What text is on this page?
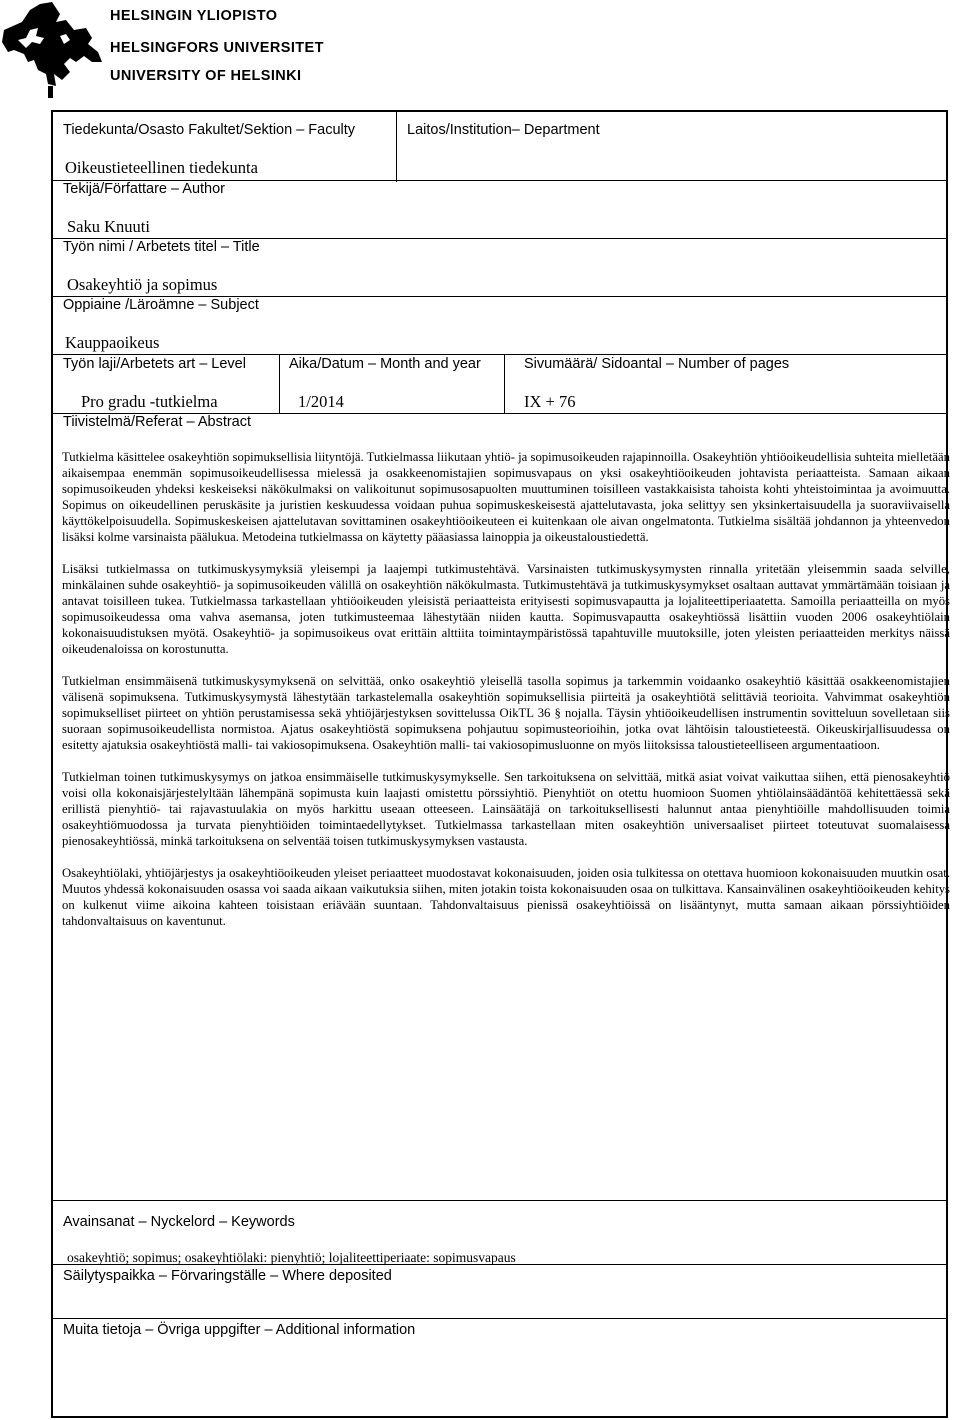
HELSINGIN YLIOPISTO
HELSINGFORS UNIVERSITET
UNIVERSITY OF HELSINKI
Tiedekunta/Osasto Fakultet/Sektion – Faculty	Laitos/Institution– Department
Oikeustieteellinen tiedekunta
Tekijä/Författare – Author
Saku Knuuti
Työn nimi / Arbetets titel – Title
Osakeyhtiö ja sopimus
Oppiaine /Läroämne – Subject
Kauppaoikeus
Työn laji/Arbetets art – Level	Aika/Datum – Month and year	Sivumäärä/ Sidoantal – Number of pages
Pro gradu -tutkielma	1/2014	IX + 76
Tiivistelmä/Referat – Abstract

Tutkielma käsittelee osakeyhtiön sopimuksellisia liityntöjä. Tutkielmassa liikutaan yhtiö- ja sopimusoikeuden rajapinnoilla. Osakeyhtiön yhtiöoikeudellisia suhteita mielletään aikaisempaa enemmän sopimusoikeudellisessa mielessä ja osakkeenomistajien sopimusvapaus on yksi osakeyhtiöoikeuden johtavista periaatteista. Samaan aikaan sopimusoikeuden yhdeksi keskeiseksi näkökulmaksi on valikoitunut sopimusosapuolten muuttuminen toisilleen vastakkaisista tahoista kohti yhteistoimintaa ja avoimuutta. Sopimus on oikeudellinen peruskäsite ja juristien keskuudessa voidaan puhua sopimuskeskeisestä ajattelutavasta, joka selittyy sen yksinkertaisuudella ja suoraviivaisella käyttökelpoisuudella. Sopimuskeskeisen ajattelutavan sovittaminen osakeyhtiöoikeuteen ei kuitenkaan ole aivan ongelmatonta. Tutkielma sisältää johdannon ja yhteenvedon lisäksi kolme varsinaista päälukua. Metodeina tutkielmassa on käytetty pääasiassa lainoppia ja oikeustaloustiedettä.

Lisäksi tutkielmassa on tutkimuskysymyksiä yleisempi ja laajempi tutkimustehtävä. Varsinaisten tutkimuskysymysten rinnalla yritetään yleisemmin saada selville, minkälainen suhde osakeyhtiö- ja sopimusoikeuden välillä on osakeyhtiön näkökulmasta. Tutkimustehtävä ja tutkimuskysymykset osaltaan auttavat ymmärtämään toisiaan ja antavat toisilleen tukea. Tutkielmassa tarkastellaan yhtiöoikeuden yleisistä periaatteista erityisesti sopimusvapautta ja lojaliteettiperiaatetta. Samoilla periaatteilla on myös sopimusoikeudessa oma vahva asemansa, joten tutkimusteemaa lähestytään niiden kautta. Sopimusvapautta osakeyhtiössä lisättiin vuoden 2006 osakeyhtiölain kokonaisuudistuksen myötä. Osakeyhtiö- ja sopimusoikeus ovat erittäin alttiita toimintaympäristössä tapahtuville muutoksille, joten yleisten periaatteiden merkitys näissä oikeudenaloissa on korostunutta.

Tutkielman ensimmäisenä tutkimuskysymyksenä on selvittää, onko osakeyhtiö yleisellä tasolla sopimus ja tarkemmin voidaanko osakeyhtiö käsittää osakkeenomistajien välisenä sopimuksena. Tutkimuskysymystä lähestytään tarkastelemalla osakeyhtiön sopimuksellisia piirteitä ja osakeyhtiötä selittäviä teorioita. Vahvimmat osakeyhtiön sopimukselliset piirteet on yhtiön perustamisessa sekä yhtiöjärjestyksen sovittelussa OikTL 36 § nojalla. Täysin yhtiöoikeudellisen instrumentin sovitteluun sovelletaan siis suoraan sopimusoikeudellista normistoa. Ajatus osakeyhtiöstä sopimuksena pohjautuu sopimusteorioihin, jotka ovat lähtöisin taloustieteestä. Oikeuskirjallisuudessa on esitetty ajatuksia osakeyhtiöstä malli- tai vakiosopimuksena. Osakeyhtiön malli- tai vakiosopimusluonne on myös liitoksissa taloustieteelliseen argumentaatioon.

Tutkielman toinen tutkimuskysymys on jatkoa ensimmäiselle tutkimuskysymykselle. Sen tarkoituksena on selvittää, mitkä asiat voivat vaikuttaa siihen, että pienosakeyhtiö voisi olla kokonaisjärjestelyltään lähempänä sopimusta kuin laajasti omistettu pörssiyhtiö. Pienyhtiöt on otettu huomioon Suomen yhtiölainsäädäntöä kehitettäessä sekä erillistä pienyhtiö- tai rajavastuulakia on myös harkittu useaan otteeseen. Lainsäätäjä on tarkoituksellisesti halunnut antaa pienyhtiöille mahdollisuuden toimia osakeyhtiömuodossa ja turvata pienyhtiöiden toimintaedellytykset. Tutkielmassa tarkastellaan miten osakeyhtiön universaaliset piirteet toteutuvat suomalaisessa pienosakeyhtiössä, minkä tarkoituksena on selventää toisen tutkimuskysymyksen vastausta.

Osakeyhtiölaki, yhtiöjärjestys ja osakeyhtiöoikeuden yleiset periaatteet muodostavat kokonaisuuden, joiden osia tulkitessa on otettava huomioon kokonaisuuden muutkin osat. Muutos yhdessä kokonaisuuden osassa voi saada aikaan vaikutuksia siihen, miten jotakin toista kokonaisuuden osaa on tulkittava. Kansainvälinen osakeyhtiöoikeuden kehitys on kulkenut viime aikoina kahteen toisistaan eriävään suuntaan. Tahdonvaltaisuus pienissä osakeyhtiöissä on lisääntynyt, mutta samaan aikaan pörssiyhtiöiden tahdonvaltaisuus on kaventunut.

Avainsanat – Nyckelord – Keywords
osakeyhtiö; sopimus; osakeyhtiölaki: pienyhtiö; lojaliteettiperiaate: sopimusvapaus
Säilytyspaikka – Förvaringställe – Where deposited
Muita tietoja – Övriga uppgifter – Additional information
